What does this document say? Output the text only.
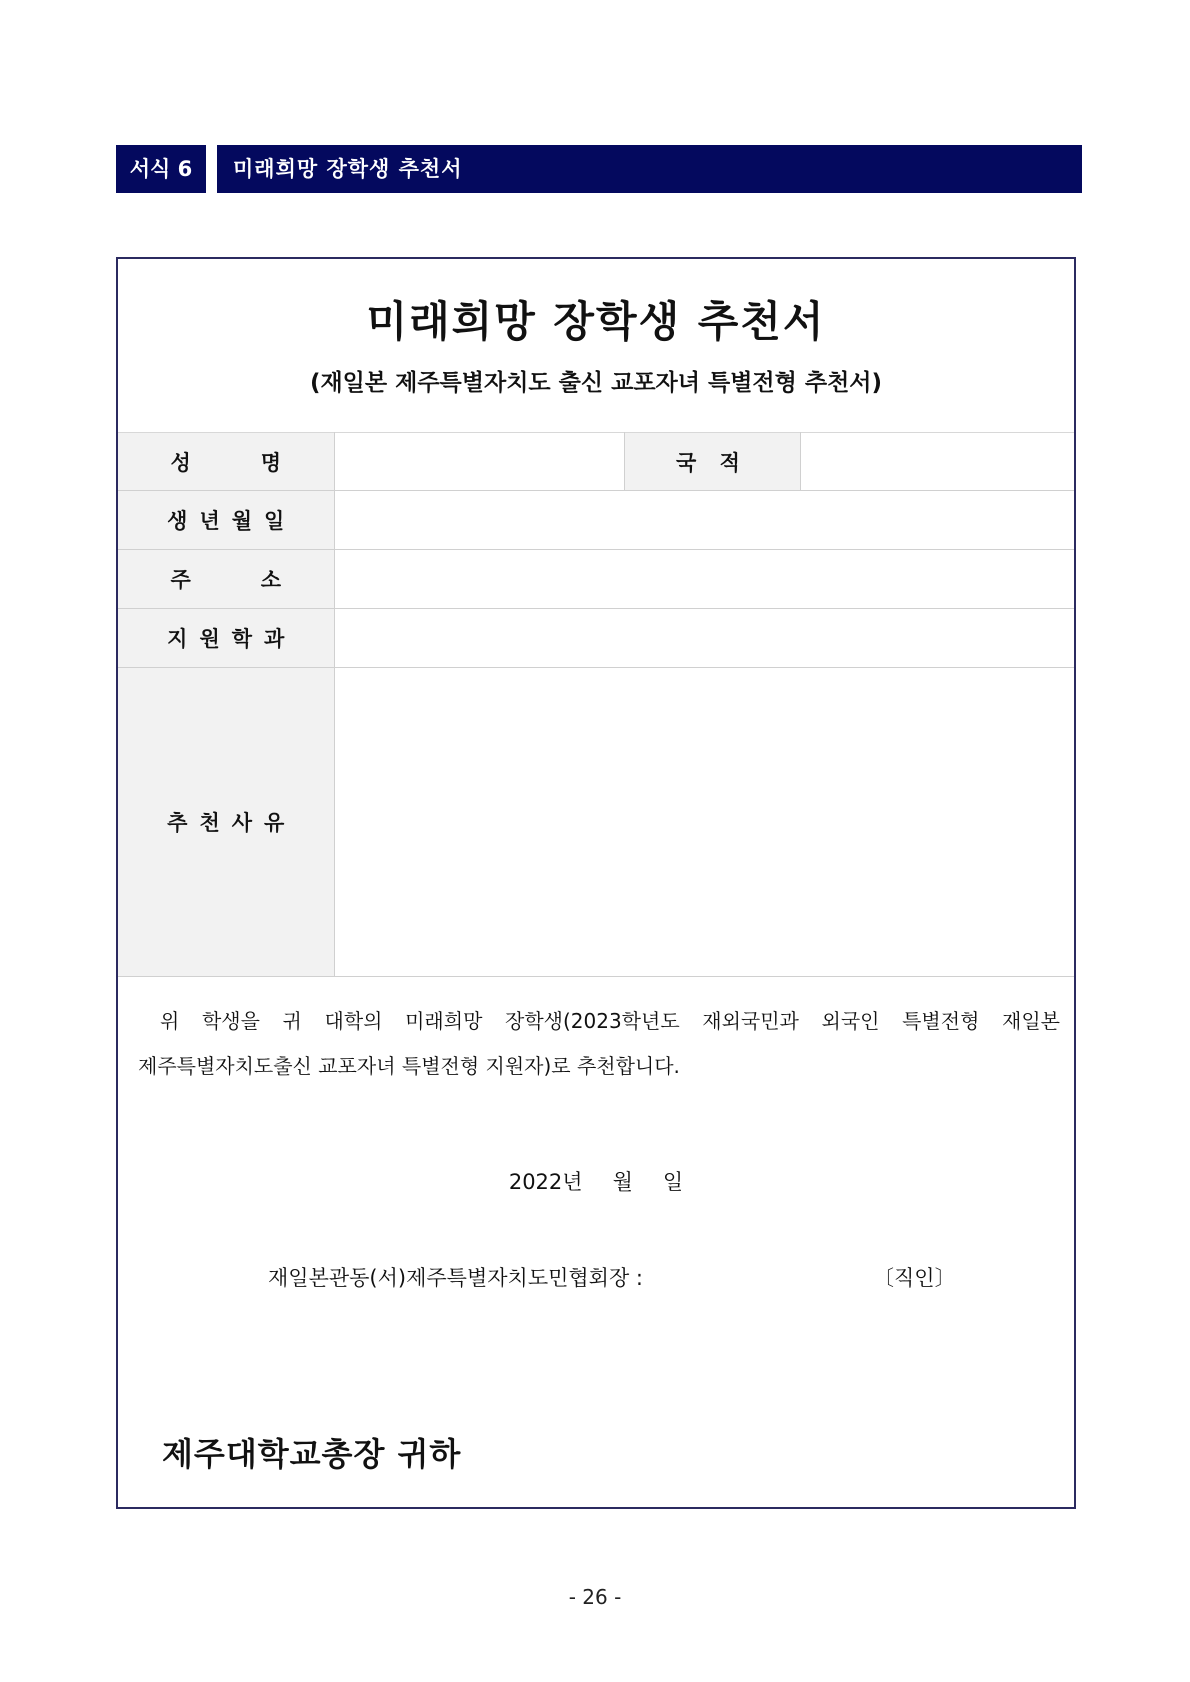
서식 6	미래희망 장학생 추천서
미래희망 장학생 추천서
(재일본 제주특별자치도 출신 교포자녀 특별전형 추천서)
성 명		국 적	
생년월일			
주 소			
지원학과			
추천사유			
위 학생을 귀 대학의 미래희망 장학생(2023학년도 재외국민과 외국인 특별전형 재일본 제주특별자치도출신 교포자녀 특별전형 지원자)로 추천합니다.
2022년 월 일
재일본관동(서)제주특별자치도민협회장 :	〔직인〕
제주대학교총장 귀하
- 26 -
